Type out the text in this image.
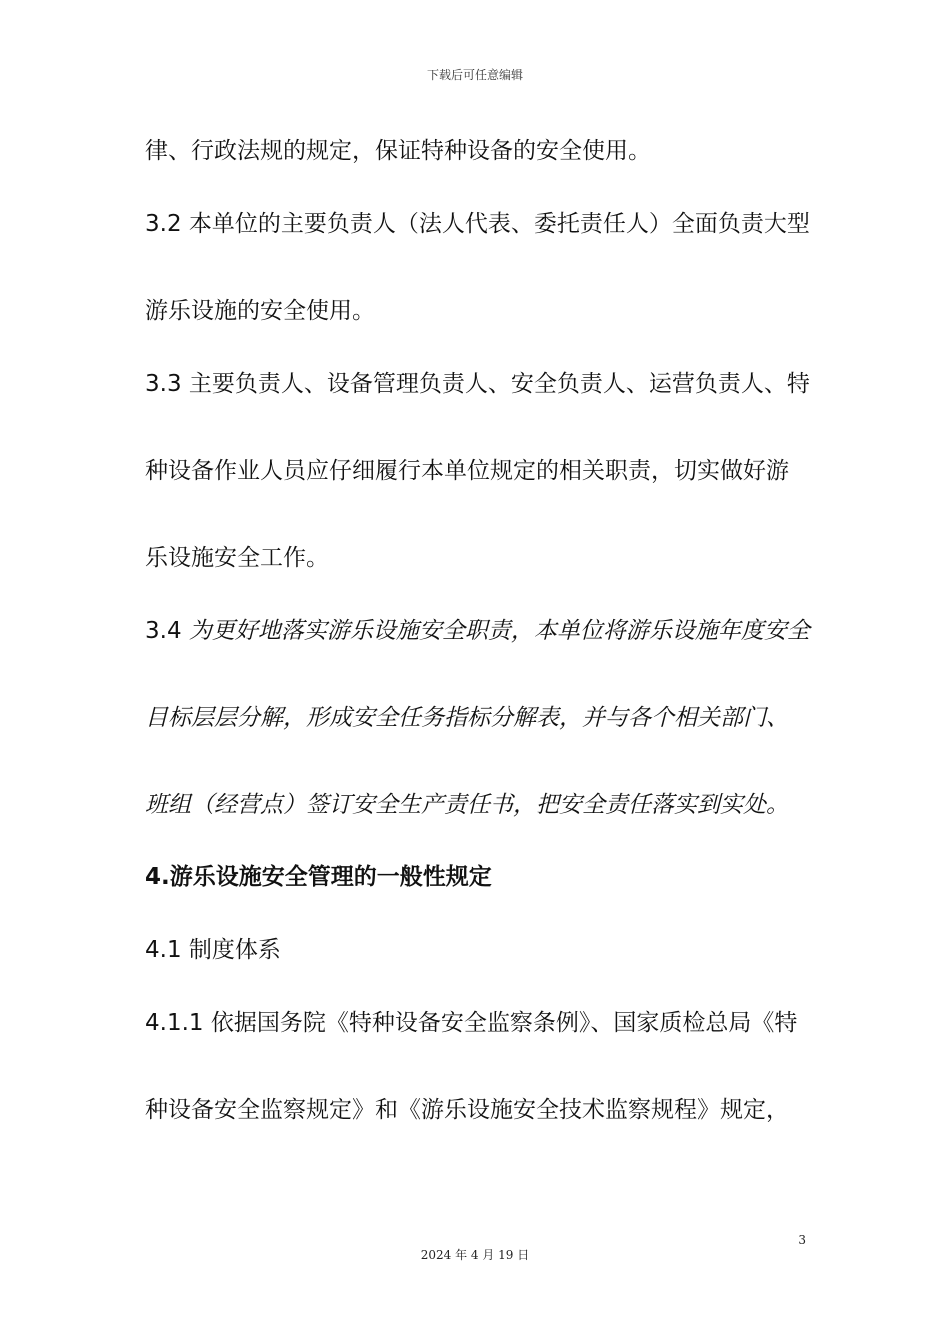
下载后可任意编辑
律、行政法规的规定，保证特种设备的安全使用。
3.2 本单位的主要负责人（法人代表、委托责任人）全面负责大型
游乐设施的安全使用。
3.3 主要负责人、设备管理负责人、安全负责人、运营负责人、特
种设备作业人员应仔细履行本单位规定的相关职责，切实做好游
乐设施安全工作。
3.4 为更好地落实游乐设施安全职责，本单位将游乐设施年度安全
目标层层分解，形成安全任务指标分解表，并与各个相关部门、
班组（经营点）签订安全生产责任书，把安全责任落实到实处。
4.游乐设施安全管理的一般性规定
4.1 制度体系
4.1.1 依据国务院《特种设备安全监察条例》、国家质检总局《特
种设备安全监察规定》和《游乐设施安全技术监察规程》规定，
3
2024 年 4 月 19 日
